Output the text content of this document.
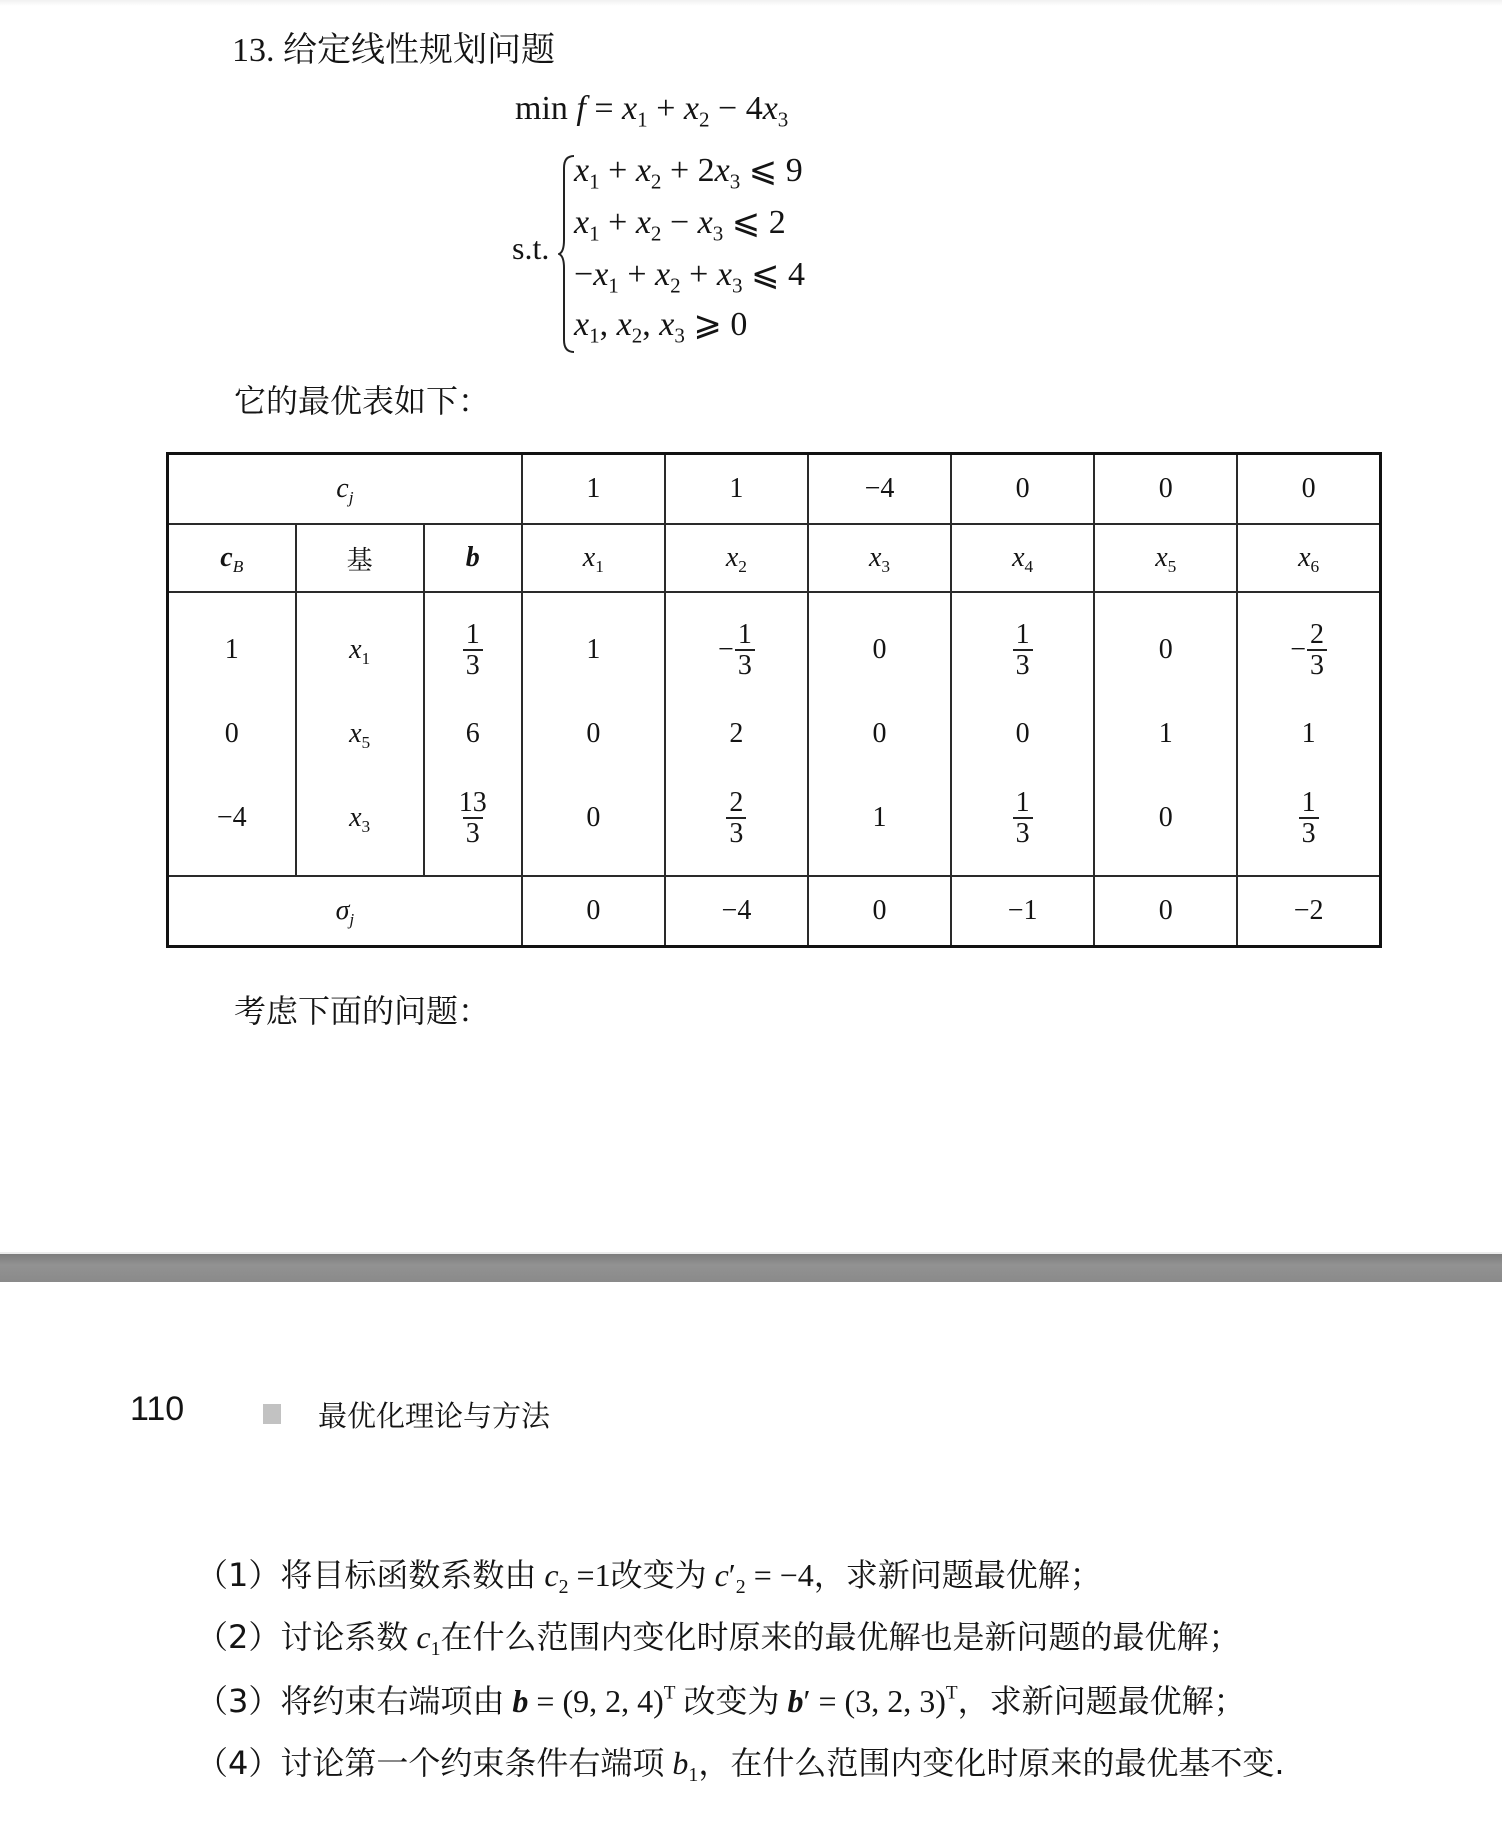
13. 给定线性规划问题
$\min f = x_1 + x_2 - 4x_3$
s.t.
$x_1 + x_2 + 2x_3$ ⩽ 9
$x_1 + x_2 - x_3$ ⩽ 2
$-x_1 + x_2 + x_3$ ⩽ 4
$x_1$, $x_2$, $x_3$ ⩾ 0
它的最优表如下：
$c_j$			1	1	−4	0	0	0
$c_B$	基	b	$x_1$	$x_2$	$x_3$	$x_4$	$x_5$	$x_6$
1	$x_1$	$\frac{1}{3}$	1	− $\frac{1}{3}$	0	$\frac{1}{3}$	0	− $\frac{2}{3}$

0	$x_5$	6	0	2	0	0	1	1
−4	$x_3$	$\frac{13}{3}$	0	$\frac{2}{3}$	1	$\frac{1}{3}$	0	$\frac{1}{3}$

$\sigma_j$			0	−4	0	−1	0	−2
考虑下面的问题：
110	最优化理论与方法
（1）将目标函数系数由 $c_2 =1$改变为 $c'_2 = -4$，求新问题最优解；
（2）讨论系数 $c_1$在什么范围内变化时原来的最优解也是新问题的最优解；
（3）将约束右端项由 b = (9, 2, 4)$^T$ 改变为 b′ = (3, 2, 3)$^T$，求新问题最优解；
（4）讨论第一个约束条件右端项 $b_1$，在什么范围内变化时原来的最优基不变.
